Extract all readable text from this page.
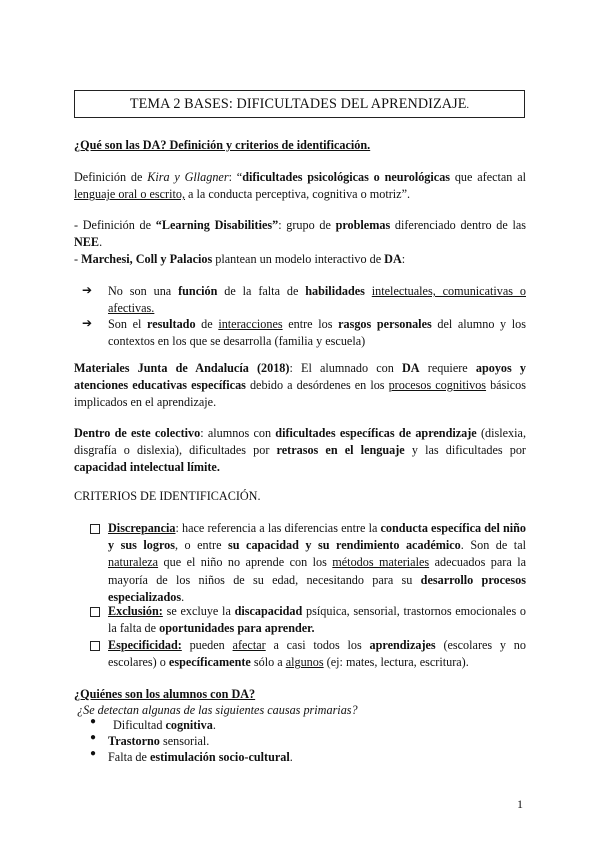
TEMA 2 BASES: DIFICULTADES DEL APRENDIZAJE.
¿Qué son las DA? Definición y criterios de identificación.
Definición de Kira y Gllagner: “dificultades psicológicas o neurológicas que afectan al lenguaje oral o escrito, a la conducta perceptiva, cognitiva o motriz”.
- Definición de “Learning Disabilities”: grupo de problemas diferenciado dentro de las NEE.
- Marchesi, Coll y Palacios plantean un modelo interactivo de DA:
➔ No son una función de la falta de habilidades intelectuales, comunicativas o afectivas.
➔ Son el resultado de interacciones entre los rasgos personales del alumno y los contextos en los que se desarrolla (familia y escuela)
Materiales Junta de Andalucía (2018): El alumnado con DA requiere apoyos y atenciones educativas específicas debido a desórdenes en los procesos cognitivos básicos implicados en el aprendizaje.
Dentro de este colectivo: alumnos con dificultades específicas de aprendizaje (dislexia, disgrafía o dislexia), dificultades por retrasos en el lenguaje y las dificultades por capacidad intelectual límite.
CRITERIOS DE IDENTIFICACIÓN.
Discrepancia: hace referencia a las diferencias entre la conducta específica del niño y sus logros, o entre su capacidad y su rendimiento académico. Son de tal naturaleza que el niño no aprende con los métodos materiales adecuados para la mayoría de los niños de su edad, necesitando para su desarrollo procesos especializados.
Exclusión: se excluye la discapacidad psíquica, sensorial, trastornos emocionales o la falta de oportunidades para aprender.
Especificidad: pueden afectar a casi todos los aprendizajes (escolares y no escolares) o específicamente sólo a algunos (ej: mates, lectura, escritura).
¿Quiénes son los alumnos con DA?
¿Se detectan algunas de las siguientes causas primarias?
●	Dificultad cognitiva.
● Trastorno sensorial.
● Falta de estimulación socio-cultural.
1
